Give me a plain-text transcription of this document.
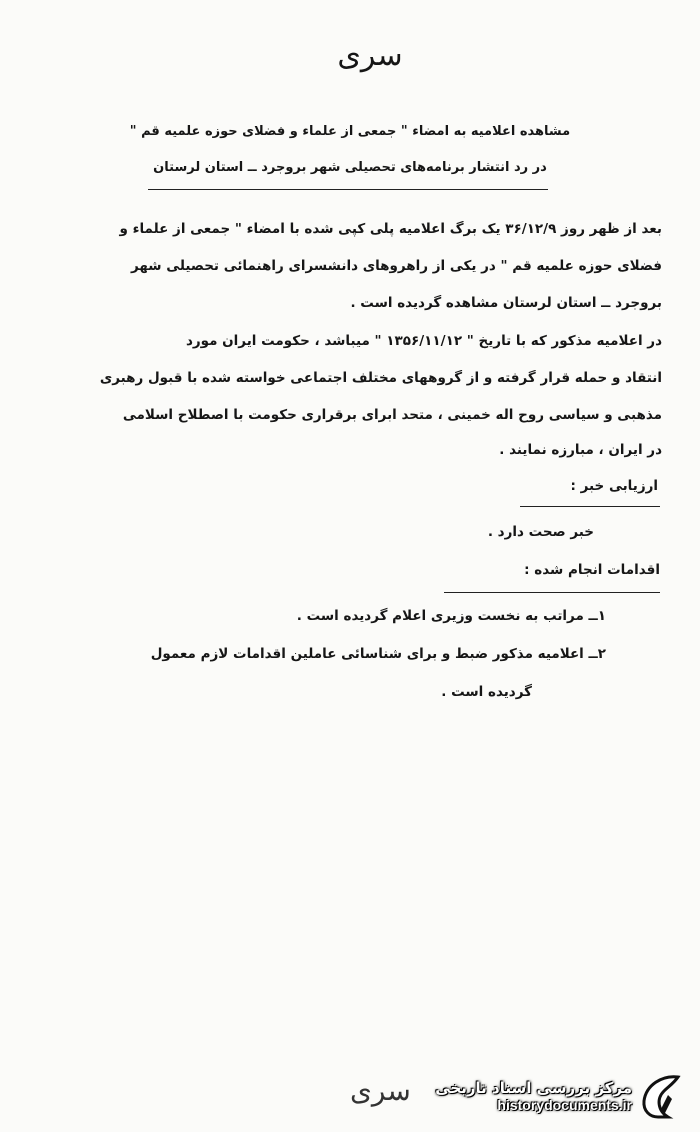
سری
مشاهده اعلامیه به امضاء " جمعی از علماء و فضلای حوزه علمیه قم "
در رد انتشار برنامه‌های تحصیلی شهر بروجرد ــ استان لرستان
بعد از ظهر روز ۳۶/۱۲/۹ یک برگ اعلامیه پلی کپی شده با امضاء " جمعی از علماء و
فضلای حوزه علمیه قم " در یکی از راهروهای دانشسرای راهنمائی تحصیلی شهر
بروجرد ــ استان لرستان مشاهده گردیده است .
در اعلامیه مذکور که با تاریخ " ۱۳۵۶/۱۱/۱۲ " میباشد ، حکومت ایران مورد
انتقاد و حمله قرار گرفته و از گروههای مختلف اجتماعی خواسته شده با قبول رهبری
مذهبی و سیاسی روح اله خمینی ، متحد ابرای برقراری حکومت با اصطلاح اسلامی
در ایران ، مبارزه نمایند .
ارزیابی خبر :
خبر صحت دارد .
اقدامات انجام شده :
۱ــ مراتب به نخست وزیری اعلام گردیده است .
۲ــ اعلامیه مذکور ضبط و برای شناسائی عاملین اقدامات لازم معمول
گردیده است .
سری مرکز بررسی اسناد تاریخی
historydocuments.ir
